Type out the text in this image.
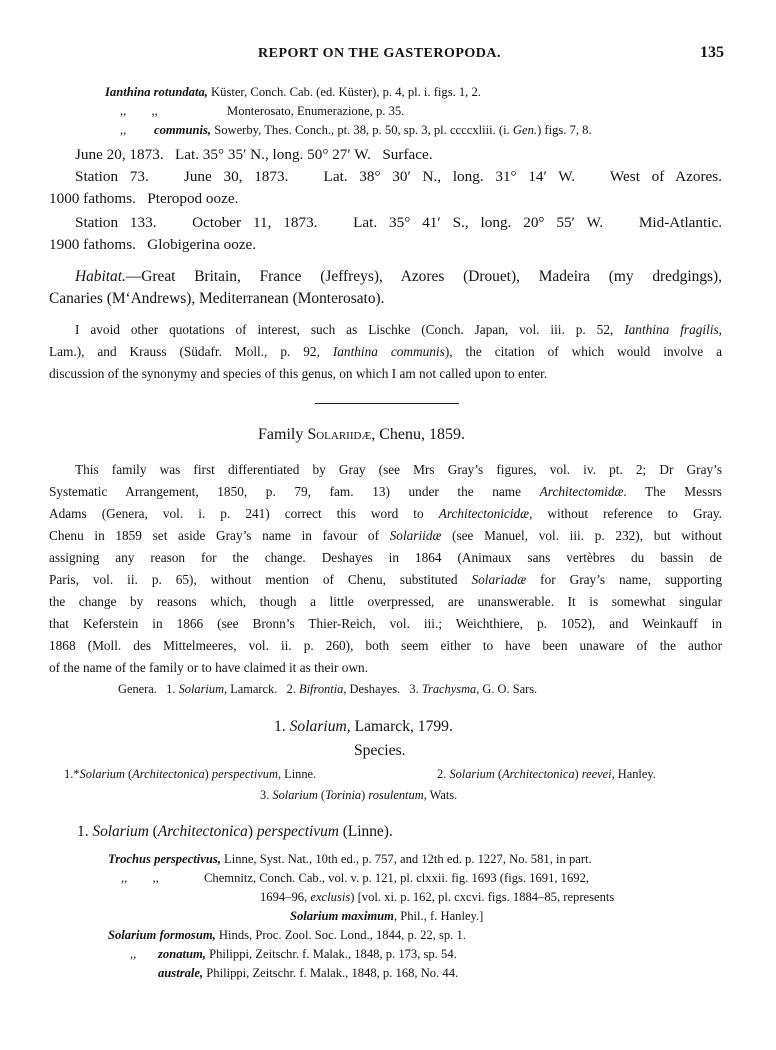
REPORT ON THE GASTEROPODA.	135
Ianthina rotundata, Küster, Conch. Cab. (ed. Küster), p. 4, pl. i. figs. 1, 2.
,,        ,,	Monterosato, Enumerazione, p. 35.
,, communis, Sowerby, Thes. Conch., pt. 38, p. 50, sp. 3, pl. ccccxliii. (i. Gen.) figs. 7, 8.
June 20, 1873.   Lat. 35° 35′ N., long. 50° 27′ W.   Surface.
Station 73.   June 30, 1873.   Lat. 38° 30′ N., long. 31° 14′ W.   West of Azores.
1000 fathoms.   Pteropod ooze.
Station 133.   October 11, 1873.   Lat. 35° 41′ S., long. 20° 55′ W.   Mid-Atlantic.
1900 fathoms.   Globigerina ooze.
Habitat.—Great Britain, France (Jeffreys), Azores (Drouet), Madeira (my dredgings),
Canaries (M‘Andrews), Mediterranean (Monterosato).
I avoid other quotations of interest, such as Lischke (Conch. Japan, vol. iii. p. 52, Ianthina fragilis,
Lam.), and Krauss (Südafr. Moll., p. 92, Ianthina communis), the citation of which would involve a
discussion of the synonymy and species of this genus, on which I am not called upon to enter.
Family Solariidæ, Chenu, 1859.
This family was first differentiated by Gray (see Mrs Gray’s figures, vol. iv. pt. 2; Dr Gray’s
Systematic Arrangement, 1850, p. 79, fam. 13) under the name Architectomidæ. The Messrs
Adams (Genera, vol. i. p. 241) correct this word to Architectonicidæ, without reference to Gray.
Chenu in 1859 set aside Gray’s name in favour of Solariidæ (see Manuel, vol. iii. p. 232), but without
assigning any reason for the change. Deshayes in 1864 (Animaux sans vertèbres du bassin de
Paris, vol. ii. p. 65), without mention of Chenu, substituted Solariadæ for Gray’s name, supporting
the change by reasons which, though a little overpressed, are unanswerable. It is somewhat singular
that Keferstein in 1866 (see Bronn’s Thier-Reich, vol. iii.; Weichthiere, p. 1052), and Weinkauff in
1868 (Moll. des Mittelmeeres, vol. ii. p. 260), both seem either to have been unaware of the author
of the name of the family or to have claimed it as their own.
Genera. 1. Solarium, Lamarck. 2. Bifrontia, Deshayes. 3. Trachysma, G. O. Sars.
1. Solarium, Lamarck, 1799.
Species.
1.*Solarium (Architectonica) perspectivum, Linne.	2. Solarium (Architectonica) reevei, Hanley.
3. Solarium (Torinia) rosulentum, Wats.
1. Solarium (Architectonica) perspectivum (Linne).
Trochus perspectivus, Linne, Syst. Nat., 10th ed., p. 757, and 12th ed. p. 1227, No. 581, in part.
,,        ,,	Chemnitz, Conch. Cab., vol. v. p. 121, pl. clxxii. fig. 1693 (figs. 1691, 1692,
1694–96, exclusis) [vol. xi. p. 162, pl. cxcvi. figs. 1884–85, represents
Solarium maximum, Phil., f. Hanley.]
Solarium formosum, Hinds, Proc. Zool. Soc. Lond., 1844, p. 22, sp. 1.
,, zonatum, Philippi, Zeitschr. f. Malak., 1848, p. 173, sp. 54.
australe, Philippi, Zeitschr. f. Malak., 1848, p. 168, No. 44.
